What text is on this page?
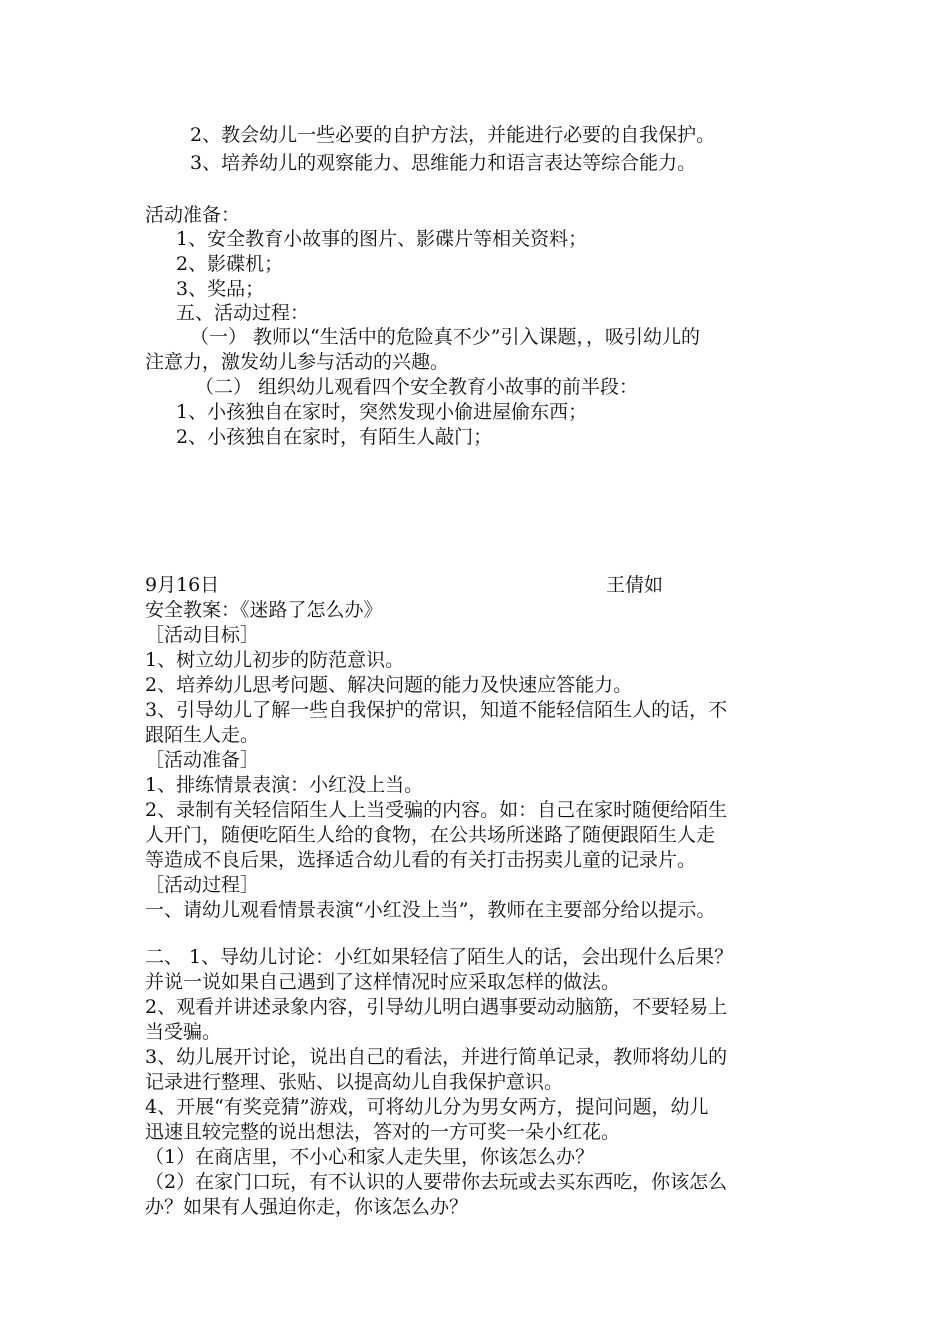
2、教会幼儿一些必要的自护方法，并能进行必要的自我保护。
3、培养幼儿的观察能力、思维能力和语言表达等综合能力。
活动准备：
1、安全教育小故事的图片、影碟片等相关资料；
2、影碟机；
3、奖品；
五、活动过程：
（一） 教师以“生活中的危险真不少”引入课题，，吸引幼儿的
注意力，激发幼儿参与活动的兴趣。
（二） 组织幼儿观看四个安全教育小故事的前半段：
1、小孩独自在家时，突然发现小偷进屋偷东西；
2、小孩独自在家时，有陌生人敲门；
9月16日	王倩如
安全教案：《迷路了怎么办》
［活动目标］
1、树立幼儿初步的防范意识。
2、培养幼儿思考问题、解决问题的能力及快速应答能力。
3、引导幼儿了解一些自我保护的常识，知道不能轻信陌生人的话，不
跟陌生人走。
［活动准备］
1、排练情景表演：小红没上当。
2、录制有关轻信陌生人上当受骗的内容。如：自己在家时随便给陌生
人开门，随便吃陌生人给的食物，在公共场所迷路了随便跟陌生人走
等造成不良后果，选择适合幼儿看的有关打击拐卖儿童的记录片。
［活动过程］
一、请幼儿观看情景表演“小红没上当”，教师在主要部分给以提示。
二、 1、导幼儿讨论：小红如果轻信了陌生人的话，会出现什么后果？
并说一说如果自己遇到了这样情况时应采取怎样的做法。
2、观看并讲述录象内容，引导幼儿明白遇事要动动脑筋，不要轻易上
当受骗。
3、幼儿展开讨论，说出自己的看法，并进行简单记录，教师将幼儿的
记录进行整理、张贴、以提高幼儿自我保护意识。
4、开展“有奖竞猜”游戏，可将幼儿分为男女两方，提问问题，幼儿
迅速且较完整的说出想法，答对的一方可奖一朵小红花。
（1）在商店里，不小心和家人走失里，你该怎么办？
（2）在家门口玩，有不认识的人要带你去玩或去买东西吃，你该怎么
办？如果有人强迫你走，你该怎么办？
